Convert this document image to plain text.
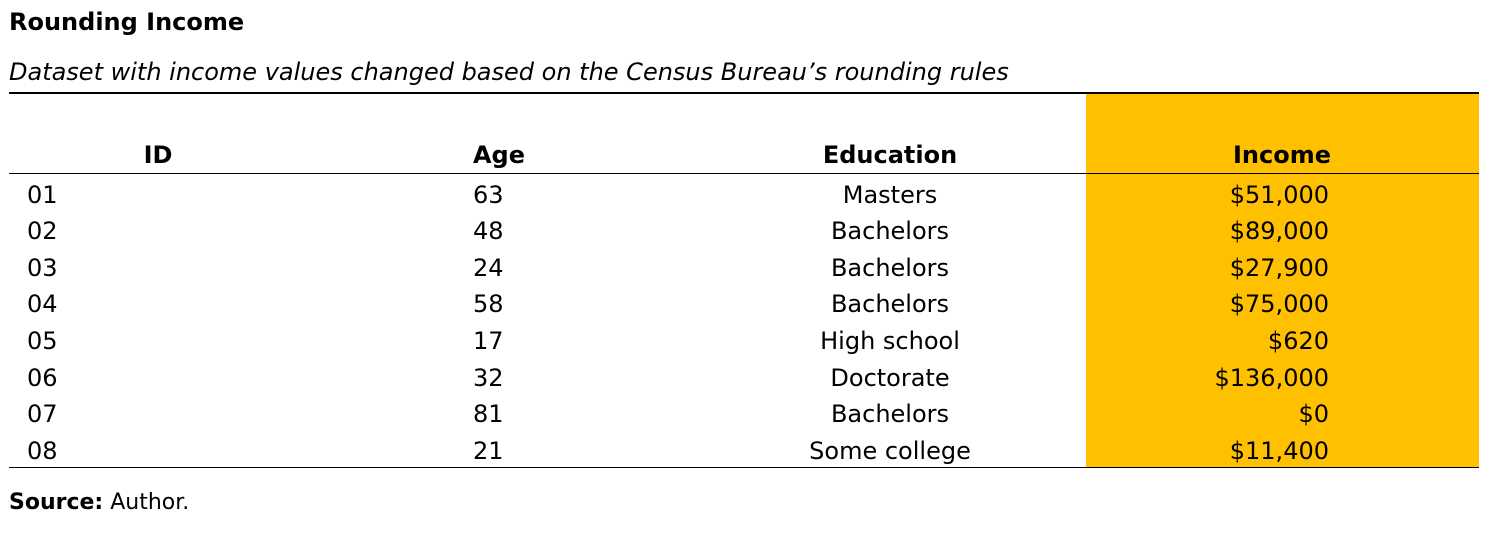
Rounding Income
Dataset with income values changed based on the Census Bureau’s rounding rules
ID	Age	Education	Income
01	63	Masters	$51,000
02	48	Bachelors	$89,000
03	24	Bachelors	$27,900
04	58	Bachelors	$75,000
05	17	High school	$620
06	32	Doctorate	$136,000
07	81	Bachelors	$0
08	21	Some college	$11,400
Source: Author.
